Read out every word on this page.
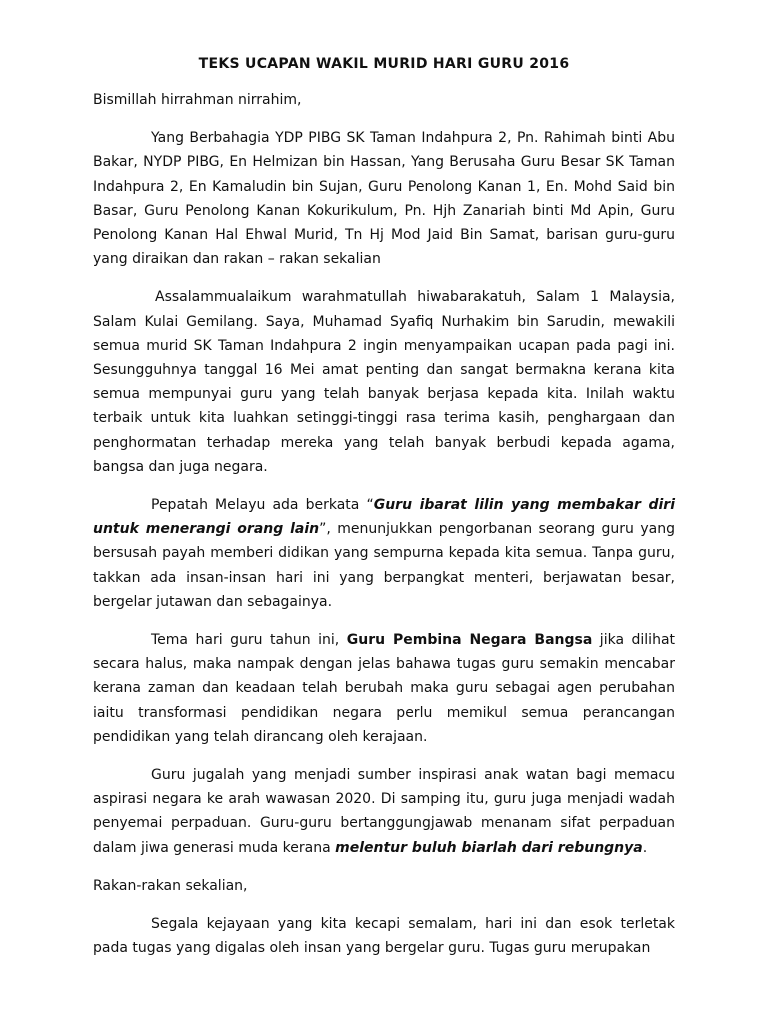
TEKS UCAPAN WAKIL MURID HARI GURU 2016

Bismillah hirrahman nirrahim,

Yang Berbahagia YDP PIBG SK Taman Indahpura 2, Pn. Rahimah binti Abu Bakar, NYDP PIBG, En Helmizan bin Hassan, Yang Berusaha Guru Besar SK Taman Indahpura 2, En Kamaludin bin Sujan, Guru Penolong Kanan 1, En. Mohd Said bin Basar, Guru Penolong Kanan Kokurikulum, Pn. Hjh Zanariah binti Md Apin, Guru Penolong Kanan Hal Ehwal Murid, Tn Hj Mod Jaid Bin Samat, barisan guru-guru yang diraikan dan rakan – rakan sekalian

Assalammualaikum warahmatullah hiwabarakatuh, Salam 1 Malaysia, Salam Kulai Gemilang. Saya, Muhamad Syafiq Nurhakim bin Sarudin, mewakili semua murid SK Taman Indahpura 2 ingin menyampaikan ucapan pada pagi ini. Sesungguhnya tanggal 16 Mei amat penting dan sangat bermakna kerana kita semua mempunyai guru yang telah banyak berjasa kepada kita. Inilah waktu terbaik untuk kita luahkan setinggi-tinggi rasa terima kasih, penghargaan dan penghormatan terhadap mereka yang telah banyak berbudi kepada agama, bangsa dan juga negara.

Pepatah Melayu ada berkata “Guru ibarat lilin yang membakar diri untuk menerangi orang lain”, menunjukkan pengorbanan seorang guru yang bersusah payah memberi didikan yang sempurna kepada kita semua. Tanpa guru, takkan ada insan-insan hari ini yang berpangkat menteri, berjawatan besar, bergelar jutawan dan sebagainya.

Tema hari guru tahun ini, Guru Pembina Negara Bangsa jika dilihat secara halus, maka nampak dengan jelas bahawa tugas guru semakin mencabar kerana zaman dan keadaan telah berubah maka guru sebagai agen perubahan iaitu transformasi pendidikan negara perlu memikul semua perancangan pendidikan yang telah dirancang oleh kerajaan.

Guru jugalah yang menjadi sumber inspirasi anak watan bagi memacu aspirasi negara ke arah wawasan 2020. Di samping itu, guru juga menjadi wadah penyemai perpaduan. Guru-guru bertanggungjawab menanam sifat perpaduan dalam jiwa generasi muda kerana melentur buluh biarlah dari rebungnya.

Rakan-rakan sekalian,

Segala kejayaan yang kita kecapi semalam, hari ini dan esok terletak pada tugas yang digalas oleh insan yang bergelar guru. Tugas guru merupakan
